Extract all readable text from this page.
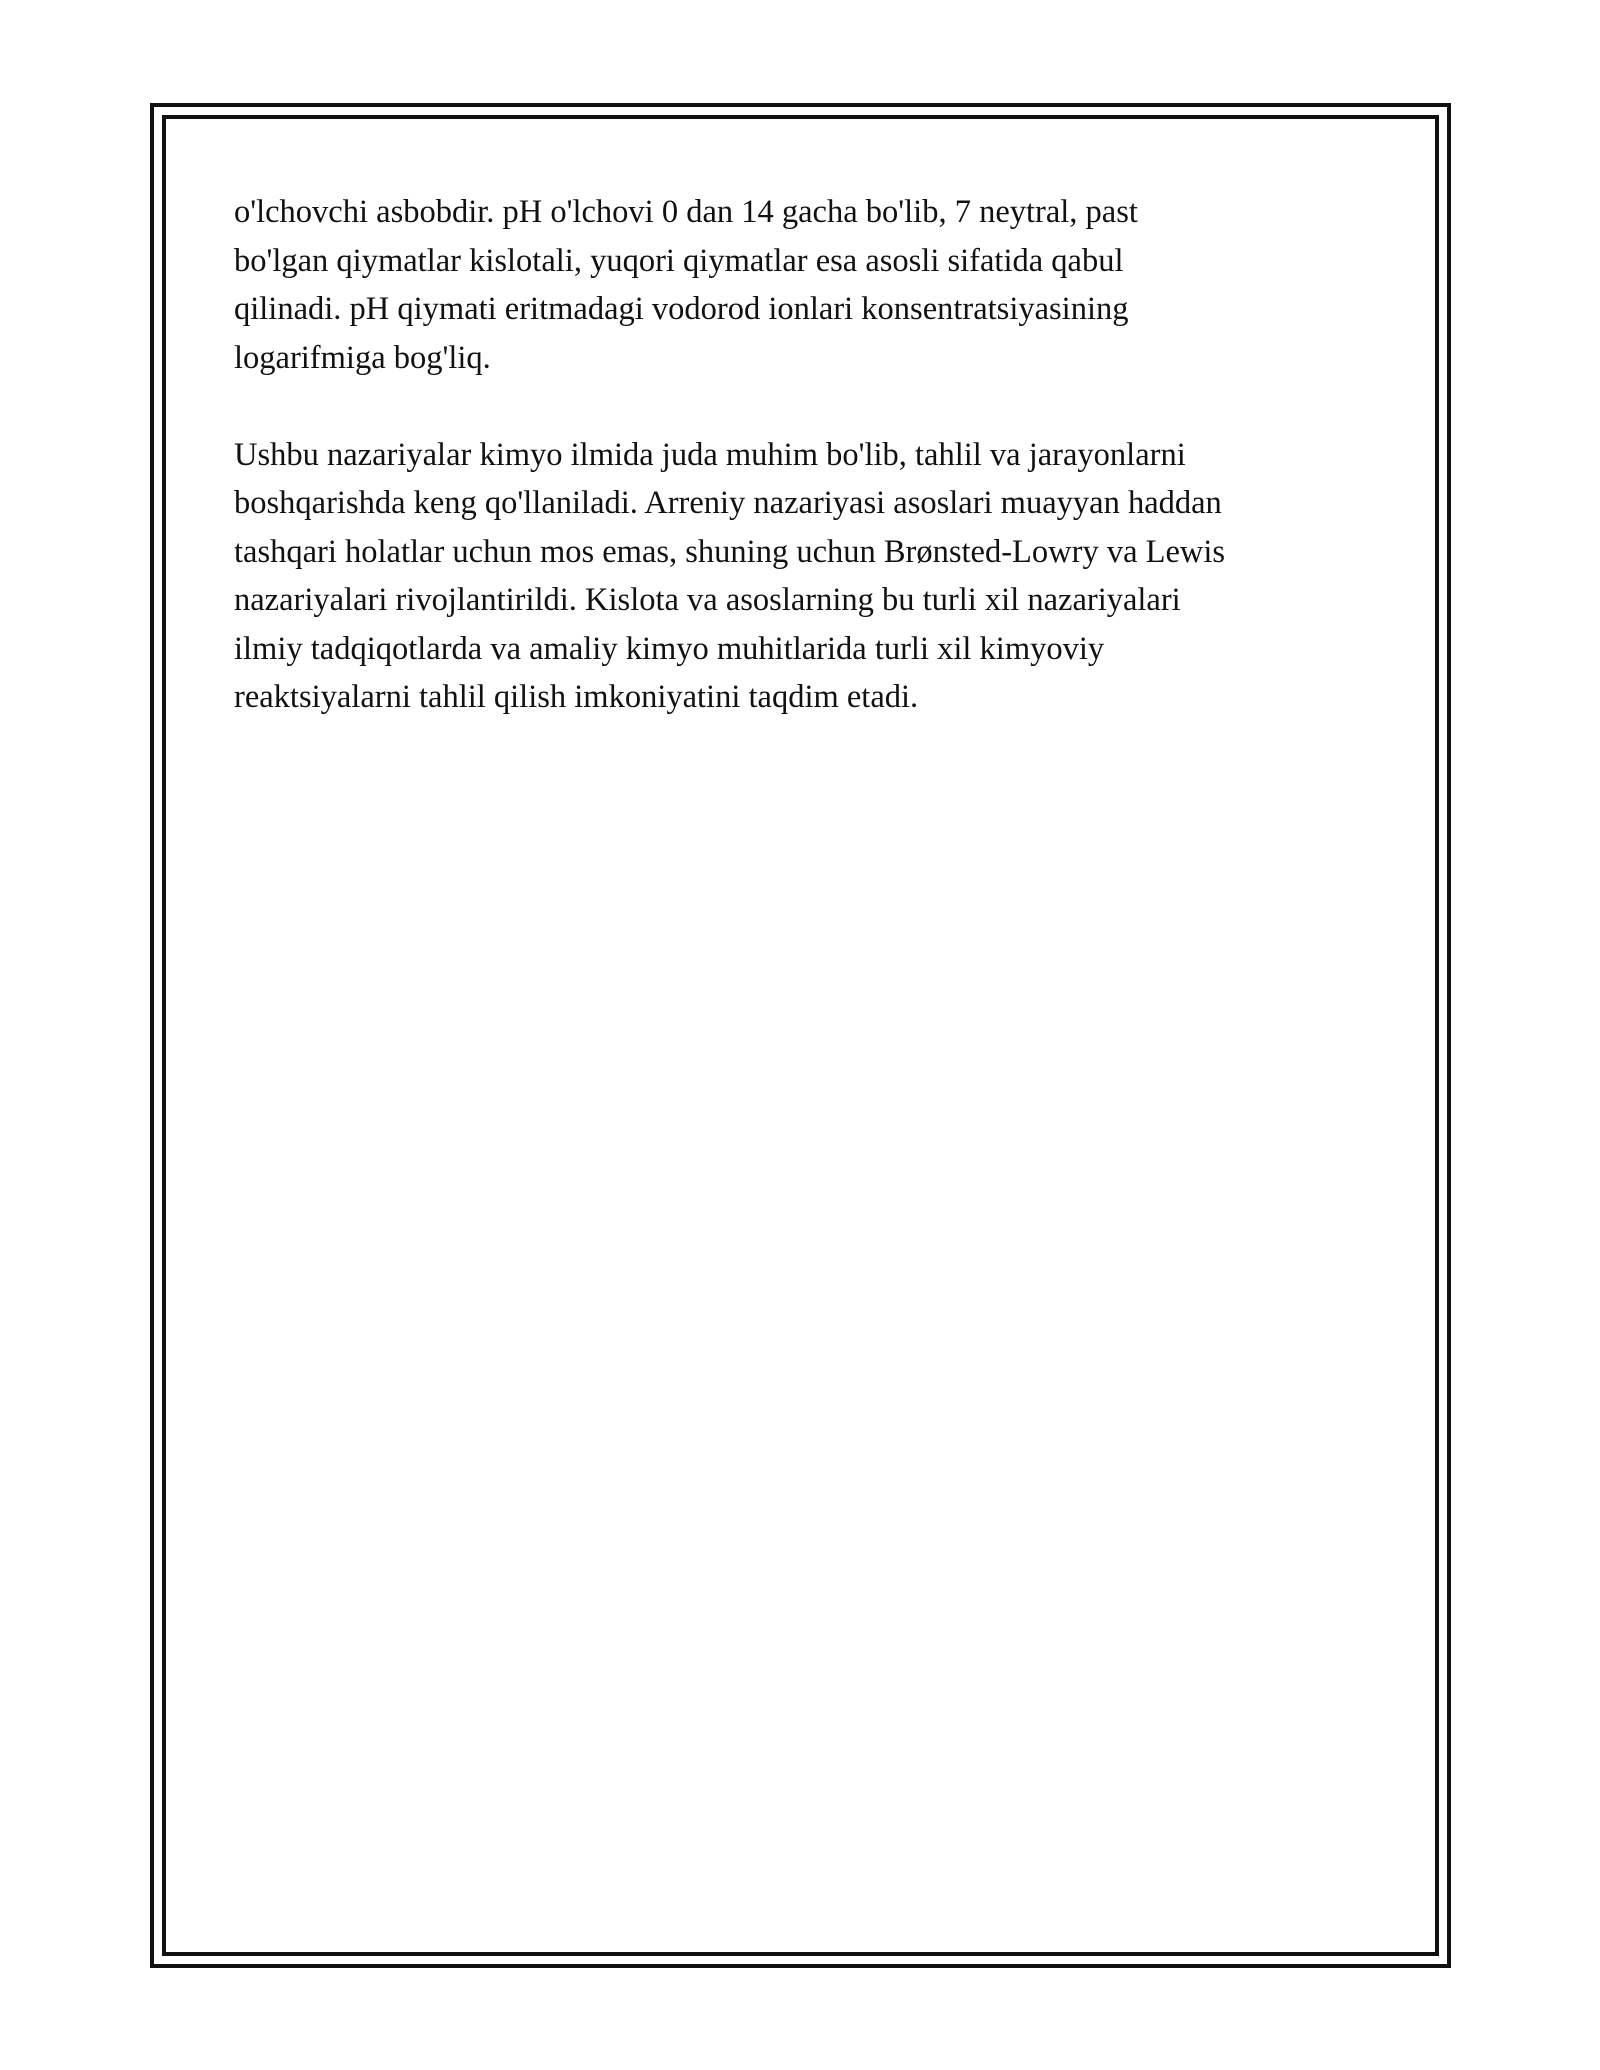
o'lchovchi asbobdir. pH o'lchovi 0 dan 14 gacha bo'lib, 7 neytral, past
bo'lgan qiymatlar kislotali, yuqori qiymatlar esa asosli sifatida qabul
qilinadi. pH qiymati eritmadagi vodorod ionlari konsentratsiyasining
logarifmiga bog'liq.

Ushbu nazariyalar kimyo ilmida juda muhim bo'lib, tahlil va jarayonlarni
boshqarishda keng qo'llaniladi. Arreniy nazariyasi asoslari muayyan haddan
tashqari holatlar uchun mos emas, shuning uchun Brønsted-Lowry va Lewis
nazariyalari rivojlantirildi. Kislota va asoslarning bu turli xil nazariyalari
ilmiy tadqiqotlarda va amaliy kimyo muhitlarida turli xil kimyoviy
reaktsiyalarni tahlil qilish imkoniyatini taqdim etadi.
